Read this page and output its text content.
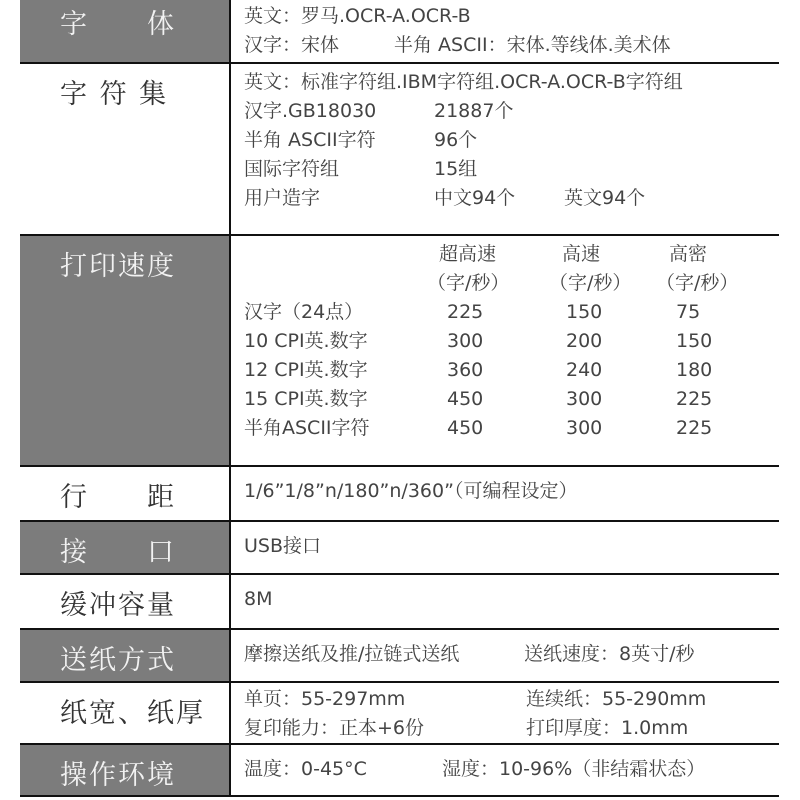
字　　体	英文：罗马.OCR-A.OCR-B
汉字：宋体	半角 ASCII：宋体.等线体.美术体
字 符 集	英文：标准字符组.IBM字符组.OCR-A.OCR-B字符组
汉字.GB18030	21887个
半角 ASCII字符	96个
国际字符组	15组
用户造字	中文94个	英文94个
打印速度	超高速	高速	高密
（字/秒） （字/秒） （字/秒）
汉字（24点）	225	150	75
10 CPI英.数字	300	200	150
12 CPI英.数字	360	240	180
15 CPI英.数字	450	300	225
半角ASCII字符	450	300	225
行　　距	1/6”1/8”n/180”n/360”（可编程设定）
接　　口	USB接口
缓冲容量	8M
送纸方式	摩擦送纸及推/拉链式送纸	送纸速度：8英寸/秒
纸宽、纸厚	单页：55-297mm	连续纸：55-290mm
复印能力：正本+6份	打印厚度：1.0mm
操作环境	温度：0-45°C	湿度：10-96%（非结霜状态）
